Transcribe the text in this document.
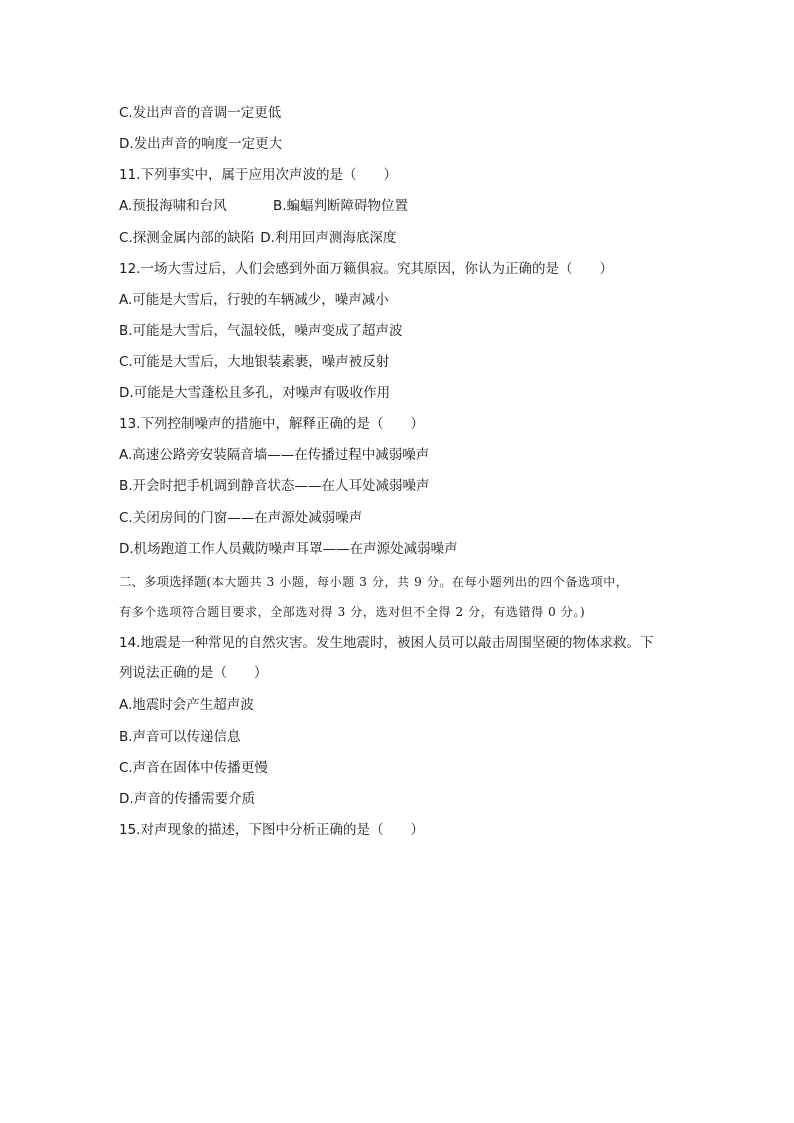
C.发出声音的音调一定更低
D.发出声音的响度一定更大
11.下列事实中，属于应用次声波的是（　　）
A.预报海啸和台风	B.蝙蝠判断障碍物位置
C.探测金属内部的缺陷 D.利用回声测海底深度
12.一场大雪过后，人们会感到外面万籁俱寂。究其原因，你认为正确的是（　　）
A.可能是大雪后，行驶的车辆减少，噪声减小
B.可能是大雪后，气温较低，噪声变成了超声波
C.可能是大雪后，大地银装素裹，噪声被反射
D.可能是大雪蓬松且多孔，对噪声有吸收作用
13.下列控制噪声的措施中，解释正确的是（　　）
A.高速公路旁安装隔音墙——在传播过程中减弱噪声
B.开会时把手机调到静音状态——在人耳处减弱噪声
C.关闭房间的门窗——在声源处减弱噪声
D.机场跑道工作人员戴防噪声耳罩——在声源处减弱噪声
二、多项选择题(本大题共 3 小题，每小题 3 分，共 9 分。在每小题列出的四个备选项中，
有多个选项符合题目要求，全部选对得 3 分，选对但不全得 2 分，有选错得 0 分。)
14.地震是一种常见的自然灾害。发生地震时，被困人员可以敲击周围坚硬的物体求救。下
列说法正确的是（　　）
A.地震时会产生超声波
B.声音可以传递信息
C.声音在固体中传播更慢
D.声音的传播需要介质
15.对声现象的描述，下图中分析正确的是（　　）
